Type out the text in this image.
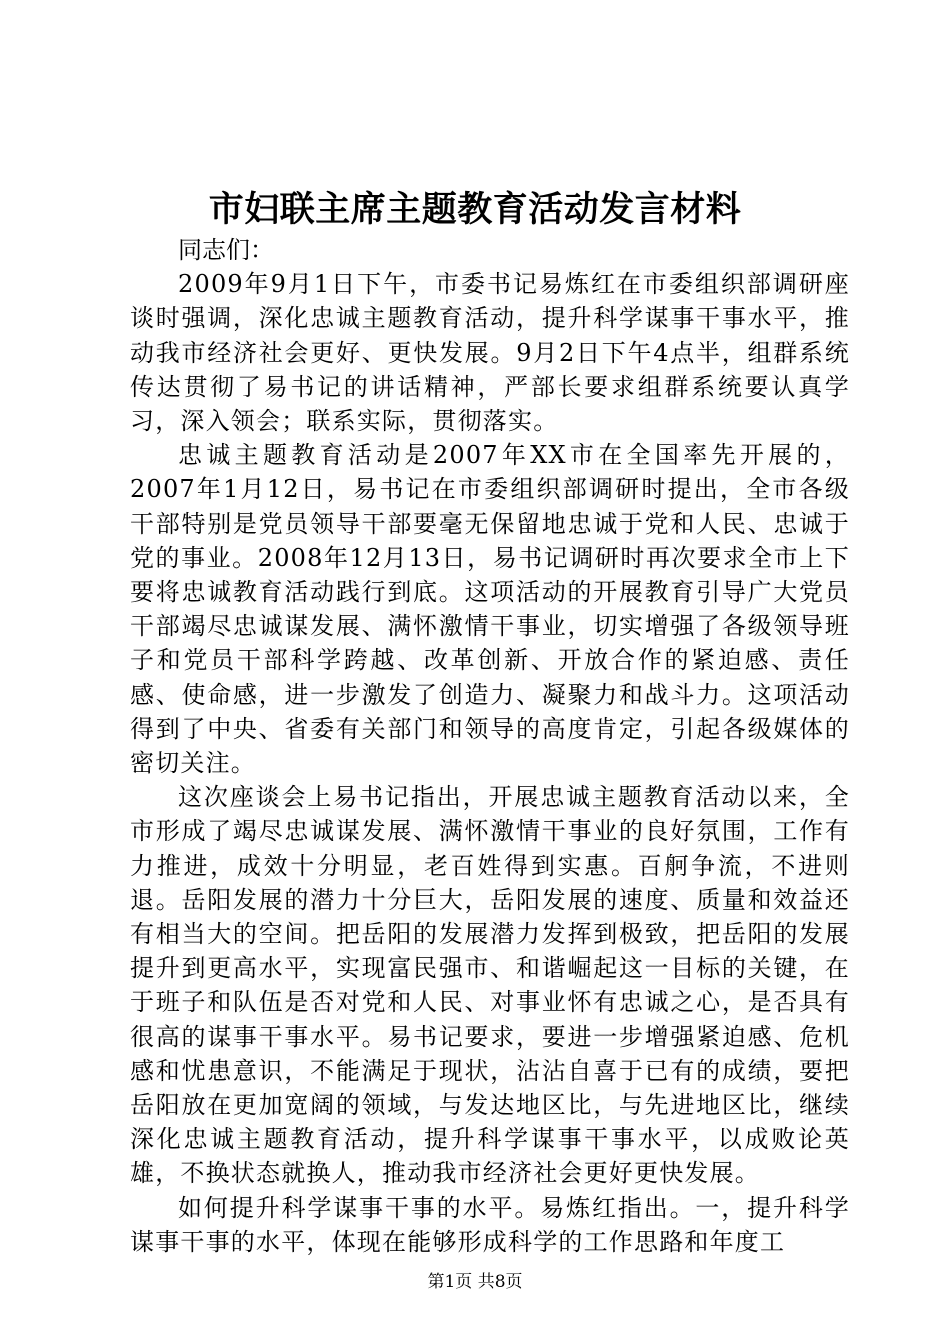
市妇联主席主题教育活动发言材料

同志们：

2009年9月1日下午，市委书记易炼红在市委组织部调研座谈时强调，深化忠诚主题教育活动，提升科学谋事干事水平，推动我市经济社会更好、更快发展。9月2日下午4点半，组群系统传达贯彻了易书记的讲话精神，严部长要求组群系统要认真学习，深入领会；联系实际，贯彻落实。

忠诚主题教育活动是2007年XX市在全国率先开展的，2007年1月12日，易书记在市委组织部调研时提出，全市各级干部特别是党员领导干部要毫无保留地忠诚于党和人民、忠诚于党的事业。2008年12月13日，易书记调研时再次要求全市上下要将忠诚教育活动践行到底。这项活动的开展教育引导广大党员干部竭尽忠诚谋发展、满怀激情干事业，切实增强了各级领导班子和党员干部科学跨越、改革创新、开放合作的紧迫感、责任感、使命感，进一步激发了创造力、凝聚力和战斗力。这项活动得到了中央、省委有关部门和领导的高度肯定，引起各级媒体的密切关注。

这次座谈会上易书记指出，开展忠诚主题教育活动以来，全市形成了竭尽忠诚谋发展、满怀激情干事业的良好氛围，工作有力推进，成效十分明显，老百姓得到实惠。百舸争流，不进则退。岳阳发展的潜力十分巨大，岳阳发展的速度、质量和效益还有相当大的空间。把岳阳的发展潜力发挥到极致，把岳阳的发展提升到更高水平，实现富民强市、和谐崛起这一目标的关键，在于班子和队伍是否对党和人民、对事业怀有忠诚之心，是否具有很高的谋事干事水平。易书记要求，要进一步增强紧迫感、危机感和忧患意识，不能满足于现状，沾沾自喜于已有的成绩，要把岳阳放在更加宽阔的领域，与发达地区比，与先进地区比，继续深化忠诚主题教育活动，提升科学谋事干事水平，以成败论英雄，不换状态就换人，推动我市经济社会更好更快发展。

如何提升科学谋事干事的水平。易炼红指出。一，提升科学谋事干事的水平，体现在能够形成科学的工作思路和年度工

第1页 共8页
